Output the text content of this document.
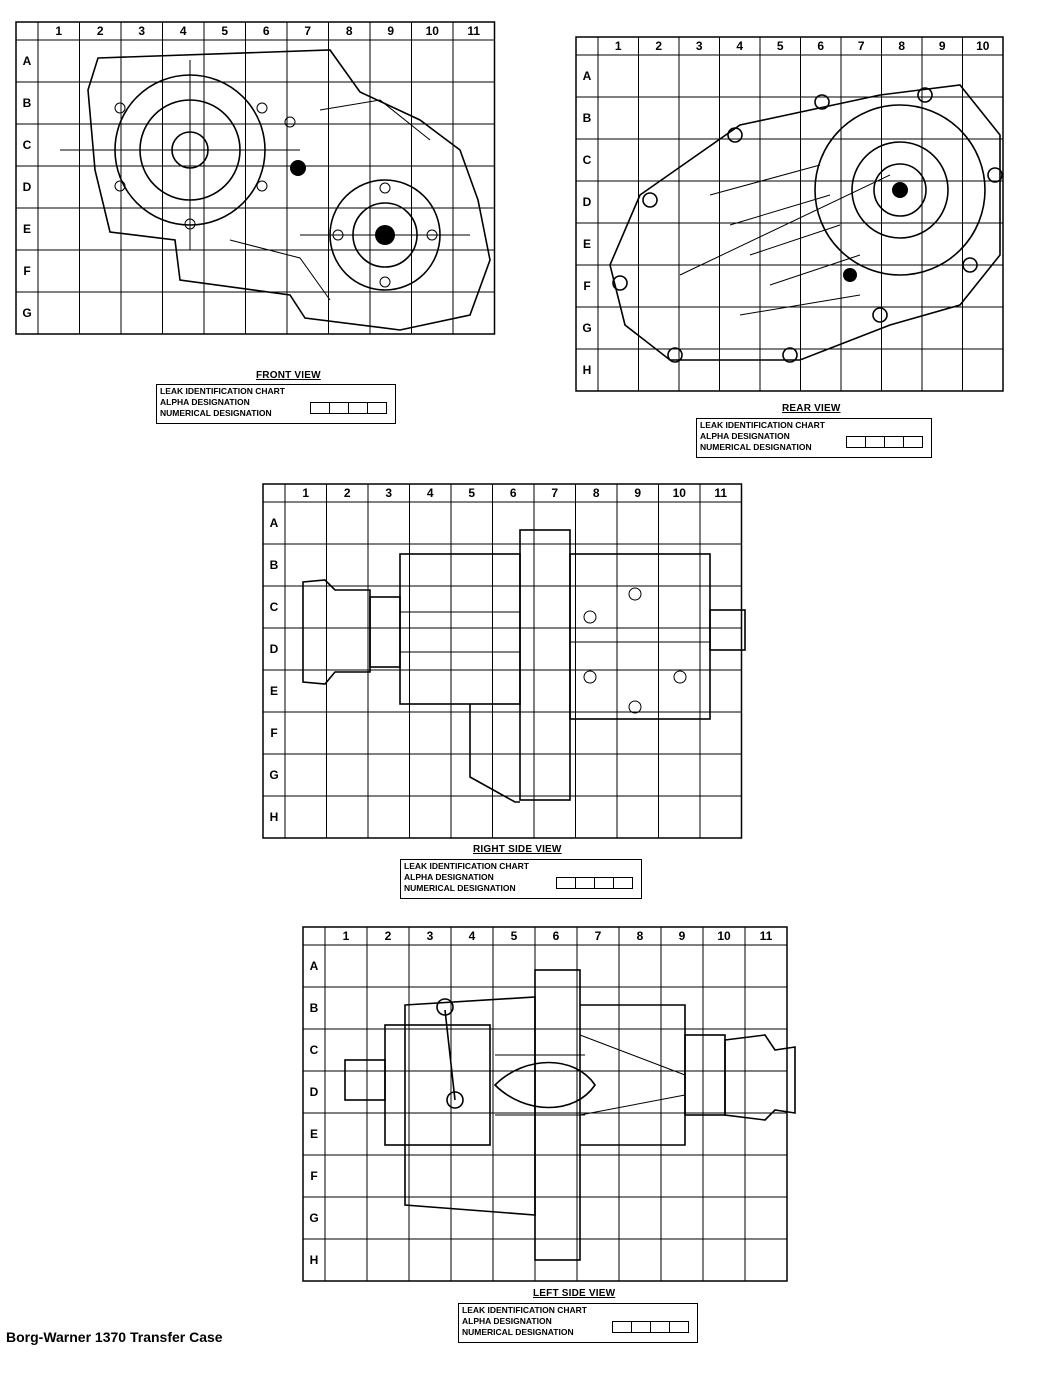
FRONT VIEW
LEAK IDENTIFICATION CHART
ALPHA DESIGNATION
NUMERICAL DESIGNATION
1	2	3	4	5	6	7	8	9	10	11
A
B
C
D
E
F
G
REAR VIEW
LEAK IDENTIFICATION CHART
ALPHA DESIGNATION
NUMERICAL DESIGNATION
1	2	3	4	5	6	7	8	9	10
A
B
C
D
E
F
G
H
RIGHT SIDE VIEW
LEAK IDENTIFICATION CHART
ALPHA DESIGNATION
NUMERICAL DESIGNATION
1	2	3	4	5	6	7	8	9	10	11
A
B
C
D
E
F
G
H
LEFT SIDE VIEW
LEAK IDENTIFICATION CHART
ALPHA DESIGNATION
NUMERICAL DESIGNATION
1	2	3	4	5	6	7	8	9	10	11
A
B
C
D
E
F
G
H
Borg-Warner 1370 Transfer Case
